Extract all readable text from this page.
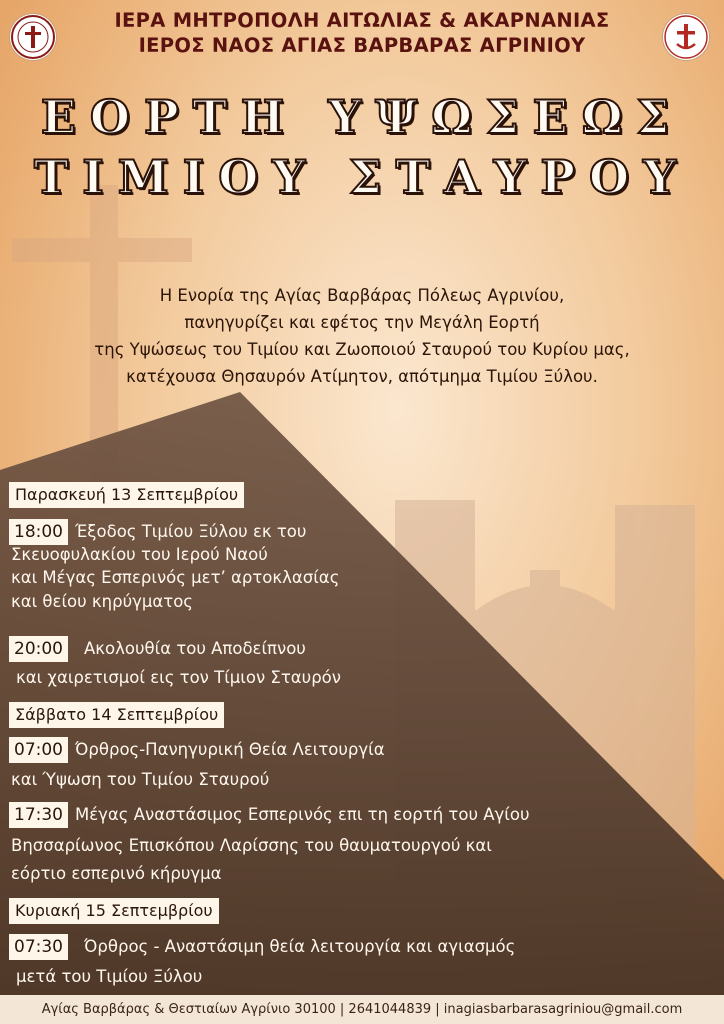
ΙΕΡΑ ΜΗΤΡΟΠΟΛΗ ΑΙΤΩΛΙΑΣ & ΑΚΑΡΝΑΝΙΑΣ
ΙΕΡΟΣ ΝΑΟΣ ΑΓΙΑΣ ΒΑΡΒΑΡΑΣ ΑΓΡΙΝΙΟΥ
ΕΟΡΤΗ ΥΨΩΣΕΩΣ
ΤΙΜΙΟΥ ΣΤΑΥΡΟΥ
Η Ενορία της Αγίας Βαρβάρας Πόλεως Αγρινίου,
πανηγυρίζει και εφέτος την Μεγάλη Εορτή
της Υψώσεως του Τιμίου και Ζωοποιού Σταυρού του Κυρίου μας,
κατέχουσα Θησαυρόν Ατίμητον, απότμημα Τιμίου Ξύλου.
Παρασκευή 13 Σεπτεμβρίου
18:00 Έξοδος Τιμίου Ξύλου εκ του
Σκευοφυλακίου του Ιερού Ναού
και Μέγας Εσπερινός μετ’ αρτοκλασίας
και θείου κηρύγματος
20:00	Ακολουθία του Αποδείπνου
και χαιρετισμοί εις τον Τίμιον Σταυρόν
Σάββατο 14 Σεπτεμβρίου
07:00 Όρθρος-Πανηγυρική Θεία Λειτουργία
και Ύψωση του Τιμίου Σταυρού
17:30 Μέγας Αναστάσιμος Εσπερινός επι τη εορτή του Αγίου
Βησσαρίωνος Επισκόπου Λαρίσσης του θαυματουργού και
εόρτιο εσπερινό κήρυγμα
Κυριακή 15 Σεπτεμβρίου
07:30	Όρθρος - Αναστάσιμη θεία λειτουργία και αγιασμός
μετά του Τιμίου Ξύλου
Αγίας Βαρβάρας & Θεστιαίων Αγρίνιο 30100 | 2641044839 | inagiasbarbarasagriniou@gmail.com
